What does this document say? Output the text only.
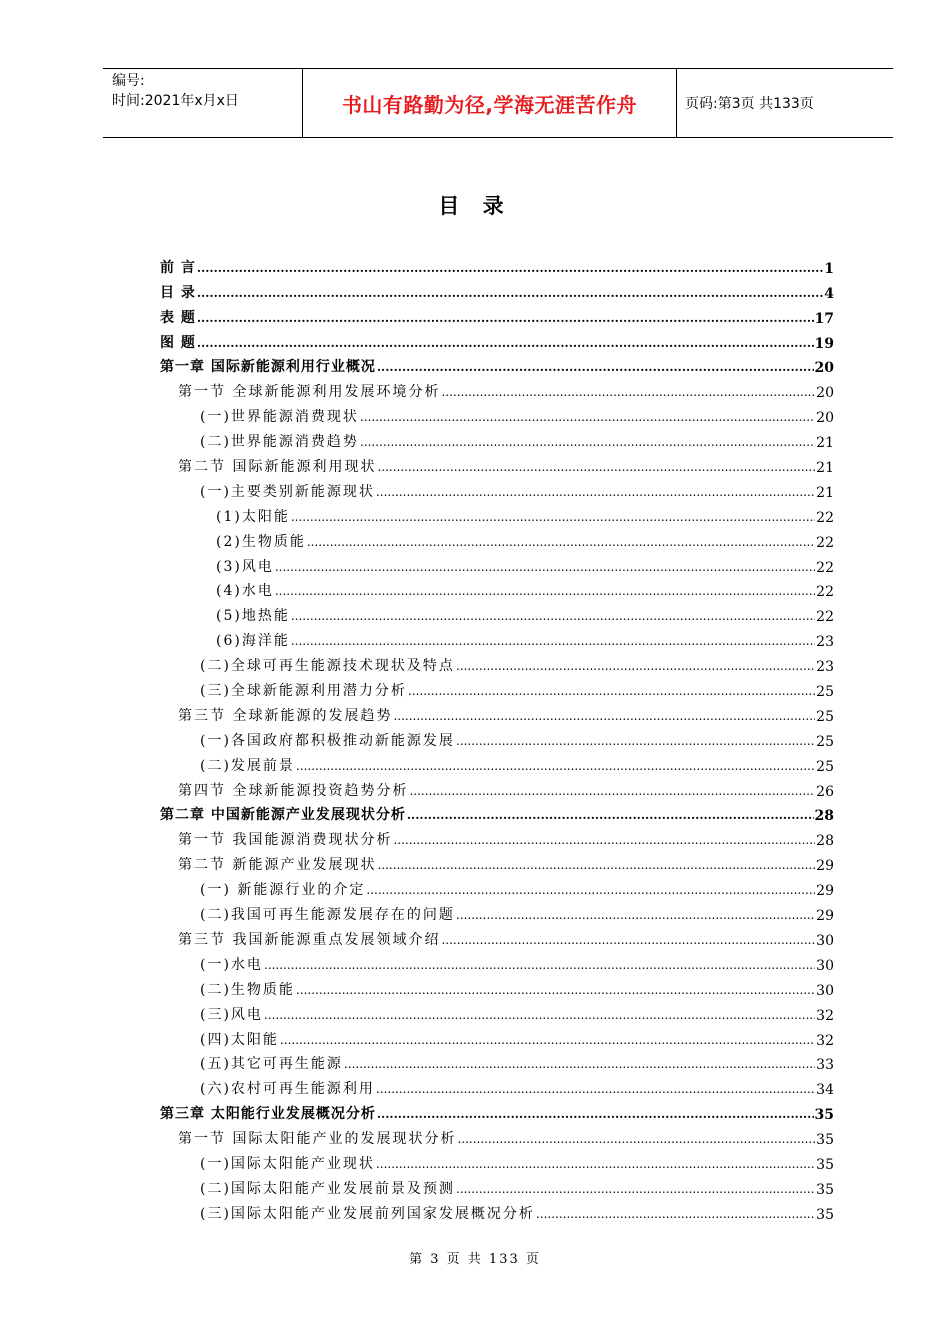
编号:
时间:2021年x月x日	书山有路勤为径,学海无涯苦作舟	页码:第3页 共133页
目 录
前 言 .....	1
目 录 .....	4
表 题 .....	17
图 题 .....	19
第一章 国际新能源利用行业概况 .....	20
第一节 全球新能源利用发展环境分析 .....	20
(一)世界能源消费现状 .....	20
(二)世界能源消费趋势 .....	21
第二节 国际新能源利用现状 .....	21
(一)主要类别新能源现状 .....	21
(1)太阳能 .....	22
(2)生物质能 .....	22
(3)风电 .....	22
(4)水电 .....	22
(5)地热能 .....	22
(6)海洋能 .....	23
(二)全球可再生能源技术现状及特点 .....	23
(三)全球新能源利用潜力分析 .....	25
第三节 全球新能源的发展趋势 .....	25
(一)各国政府都积极推动新能源发展 .....	25
(二)发展前景 .....	25
第四节 全球新能源投资趋势分析 .....	26
第二章 中国新能源产业发展现状分析 .....	28
第一节 我国能源消费现状分析 .....	28
第二节 新能源产业发展现状 .....	29
(一) 新能源行业的介定 .....	29
(二)我国可再生能源发展存在的问题 .....	29
第三节 我国新能源重点发展领域介绍 .....	30
(一)水电 .....	30
(二)生物质能 .....	30
(三)风电 .....	32
(四)太阳能 .....	32
(五)其它可再生能源 .....	33
(六)农村可再生能源利用 .....	34
第三章 太阳能行业发展概况分析 .....	35
第一节 国际太阳能产业的发展现状分析 .....	35
(一)国际太阳能产业现状 .....	35
(二)国际太阳能产业发展前景及预测 .....	35
(三)国际太阳能产业发展前列国家发展概况分析 .....	35
第 3 页 共 133 页
